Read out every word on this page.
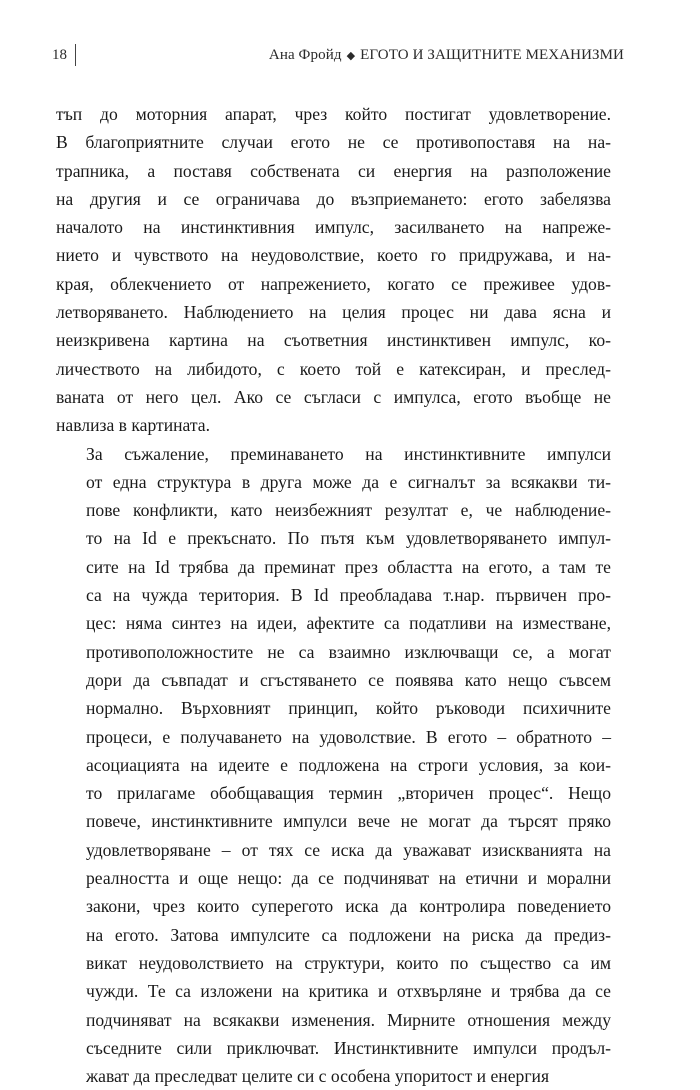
18	Ана Фройд ◆ ЕГОТО И ЗАЩИТНИТЕ МЕХАНИЗМИ

тъп до моторния апарат, чрез който постигат удовлетворение.
В благоприятните случаи егото не се противопоставя на на-
трапника, а поставя собствената си енергия на разположение
на другия и се ограничава до възприемането: егото забелязва
началото на инстинктивния импулс, засилването на напреже-
нието и чувството на неудоволствие, което го придружава, и на-
края, облекчението от напрежението, когато се преживее удов-
летворяването. Наблюдението на целия процес ни дава ясна и
неизкривена картина на съответния инстинктивен импулс, ко-
личеството на либидото, с което той е катексиран, и преслед-
ваната от него цел. Ако се съгласи с импулса, егото въобще не
навлиза в картината.

За съжаление, преминаването на инстинктивните импулси
от една структура в друга може да е сигналът за всякакви ти-
пове конфликти, като неизбежният резултат е, че наблюдение-
то на Id е прекъснато. По пътя към удовлетворяването импул-
сите на Id трябва да преминат през областта на егото, а там те
са на чужда територия. В Id преобладава т.нар. първичен про-
цес: няма синтез на идеи, афектите са податливи на изместване,
противоположностите не са взаимно изключващи се, а могат
дори да съвпадат и сгъстяването се появява като нещо съвсем
нормално. Върховният принцип, който ръководи психичните
процеси, е получаването на удоволствие. В егото – обратното –
асоциацията на идеите е подложена на строги условия, за кои-
то прилагаме обобщаващия термин „вторичен процес“. Нещо
повече, инстинктивните импулси вече не могат да търсят пряко
удовлетворяване – от тях се иска да уважават изискванията на
реалността и още нещо: да се подчиняват на етични и морални
закони, чрез които суперегото иска да контролира поведението
на егото. Затова импулсите са подложени на риска да предиз-
викат неудоволствието на структури, които по същество са им
чужди. Те са изложени на критика и отхвърляне и трябва да се
подчиняват на всякакви изменения. Мирните отношения между
съседните сили приключват. Инстинктивните импулси продъл-
жават да преследват целите си с особена упоритост и енергия
